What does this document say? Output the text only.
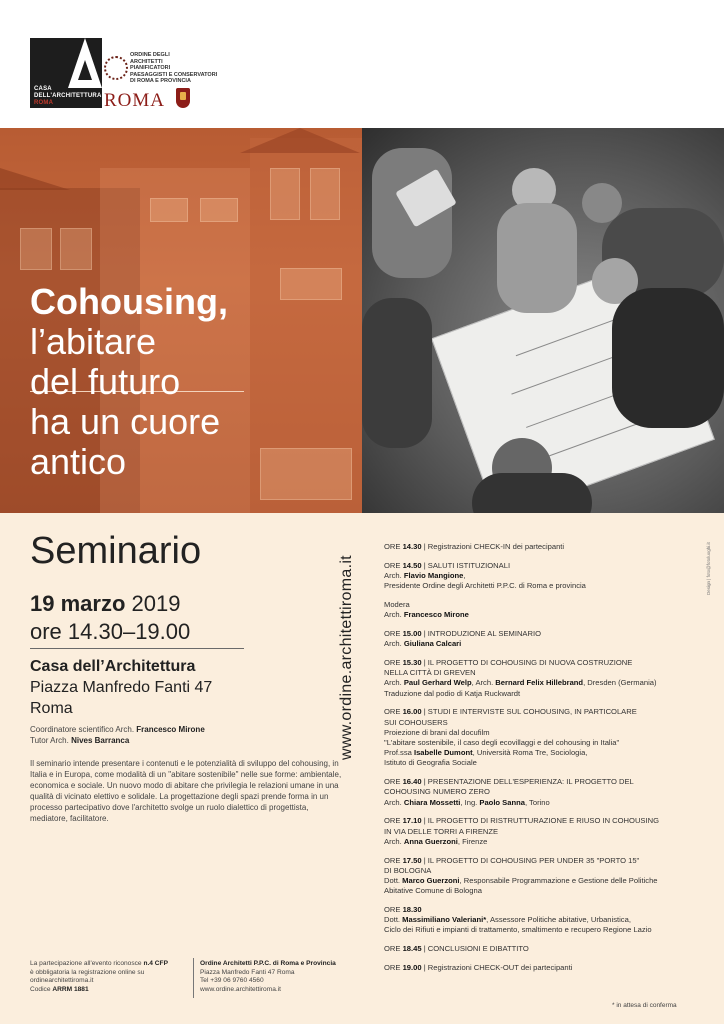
CASA
DELL'ARCHITETTURA
ROMA
ORDINE DEGLI
ARCHITETTI
PIANIFICATORI
PAESAGGISTI E CONSERVATORI
DI ROMA E PROVINCIA
ROMA
Cohousing,
l’abitare
del futuro
ha un cuore
antico
Seminario
19 marzo 2019
ore 14.30–19.00
Casa dell’Architettura
Piazza Manfredo Fanti 47
Roma
Coordinatore scientifico Arch. Francesco Mirone
Tutor Arch. Nives Barranca
Il seminario intende presentare i contenuti e le potenzialità di sviluppo del cohousing, in Italia e in Europa, come modalità di un "abitare sostenibile" nelle sue forme: ambientale, economica e sociale. Un nuovo modo di abitare che privilegia le relazioni umane in una qualità di vicinato elettivo e solidale. La progettazione degli spazi prende forma in un processo partecipativo dove l'architetto svolge un ruolo dialettico di progettista, mediatore, facilitatore.
www.ordine.architettiroma.it
ORE 14.30 | Registrazioni CHECK-IN dei partecipanti
ORE 14.50 | SALUTI ISTITUZIONALI
Arch. Flavio Mangione,
Presidente Ordine degli Architetti P.P.C. di Roma e provincia
Modera
Arch. Francesco Mirone
ORE 15.00 | INTRODUZIONE AL SEMINARIO
Arch. Giuliana Calcari
ORE 15.30 | IL PROGETTO DI COHOUSING DI NUOVA COSTRUZIONE
NELLA CITTÀ DI GREVEN
Arch. Paul Gerhard Welp, Arch. Bernard Felix Hillebrand, Dresden (Germania)
Traduzione dal podio di Katja Ruckwardt
ORE 16.00 | STUDI E INTERVISTE SUL COHOUSING, IN PARTICOLARE
SUI COHOUSERS
Proiezione di brani dal docufilm
"L'abitare sostenibile, il caso degli ecovillaggi e del cohousing in Italia"
Prof.ssa Isabelle Dumont, Università Roma Tre, Sociologia,
Istituto di Geografia Sociale
ORE 16.40 | PRESENTAZIONE DELL'ESPERIENZA: IL PROGETTO DEL
COHOUSING NUMERO ZERO
Arch. Chiara Mossetti, Ing. Paolo Sanna, Torino
ORE 17.10 | IL PROGETTO DI RISTRUTTURAZIONE E RIUSO IN COHOUSING
IN VIA DELLE TORRI A FIRENZE
Arch. Anna Guerzoni, Firenze
ORE 17.50 | IL PROGETTO DI COHOUSING PER UNDER 35 "PORTO 15"
DI BOLOGNA
Dott. Marco Guerzoni, Responsabile Programmazione e Gestione delle Politiche
Abitative Comune di Bologna
ORE 18.30
Dott. Massimiliano Valeriani*, Assessore Politiche abitative, Urbanistica,
Ciclo dei Rifiuti e impianti di trattamento, smaltimento e recupero Regione Lazio
ORE 18.45 | CONCLUSIONI E DIBATTITO
ORE 19.00 | Registrazioni CHECK-OUT dei partecipanti
Design | foto@fotoluoghi.it
* in attesa di conferma
La partecipazione all'evento riconosce n.4 CFP
è obbligatoria la registrazione online su
ordinearchitettiroma.it
Codice ARRM 1881
Ordine Architetti P.P.C. di Roma e Provincia
Piazza Manfredo Fanti 47 Roma
Tel +39 06 9760 4560
www.ordine.architettiroma.it
